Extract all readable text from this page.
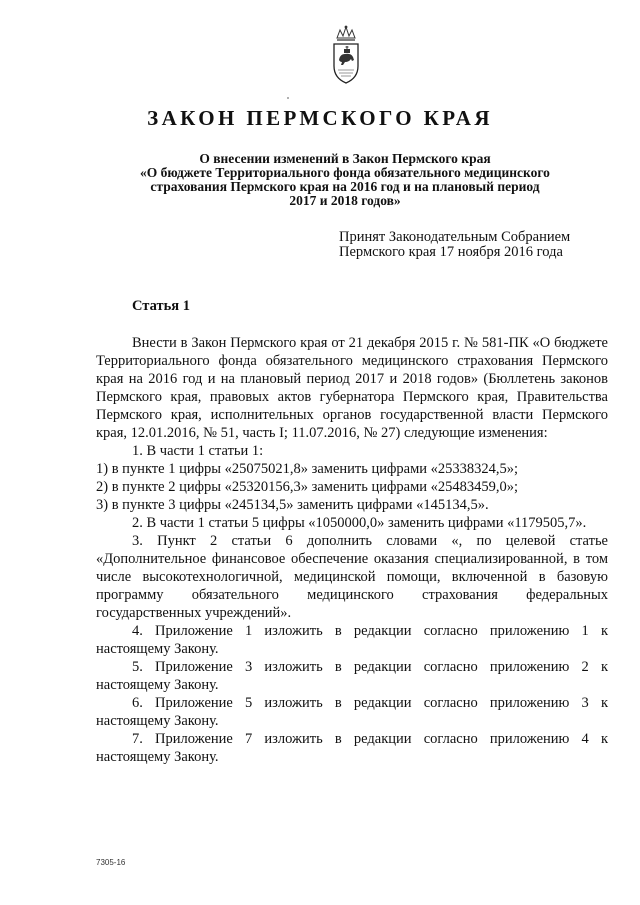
ЗАКОН ПЕРМСКОГО КРАЯ
О внесении изменений в Закон Пермского края
«О бюджете Территориального фонда обязательного медицинского
страхования Пермского края на 2016 год и на плановый период
2017 и 2018 годов»
Принят Законодательным Собранием
Пермского края 17 ноября 2016 года
Статья 1

Внести в Закон Пермского края от 21 декабря 2015 г. № 581-ПК «О бюджете Территориального фонда обязательного медицинского страхования Пермского края на 2016 год и на плановый период 2017 и 2018 годов» (Бюллетень законов Пермского края, правовых актов губернатора Пермского края, Правительства Пермского края, исполнительных органов государственной власти Пермского края, 12.01.2016, № 51, часть I; 11.07.2016, № 27) следующие изменения:

1. В части 1 статьи 1:

1) в пункте 1 цифры «25075021,8» заменить цифрами «25338324,5»;

2) в пункте 2 цифры «25320156,3» заменить цифрами «25483459,0»;

3) в пункте 3 цифры «245134,5» заменить цифрами «145134,5».

2. В части 1 статьи 5 цифры «1050000,0» заменить цифрами «1179505,7».

3. Пункт 2 статьи 6 дополнить словами «, по целевой статье «Дополнительное финансовое обеспечение оказания специализированной, в том числе высокотехнологичной, медицинской помощи, включенной в базовую программу обязательного медицинского страхования федеральных государственных учреждений».

4. Приложение 1 изложить в редакции согласно приложению 1 к настоящему Закону.

5. Приложение 3 изложить в редакции согласно приложению 2 к настоящему Закону.

6. Приложение 5 изложить в редакции согласно приложению 3 к настоящему Закону.

7. Приложение 7 изложить в редакции согласно приложению 4 к настоящему Закону.

7305-16
